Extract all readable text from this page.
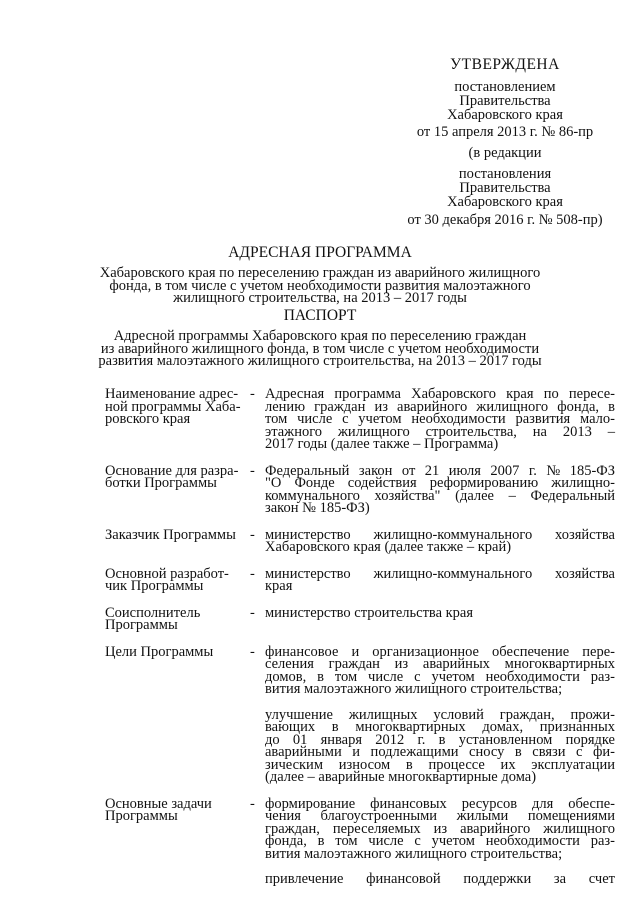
УТВЕРЖДЕНА
постановлением
Правительства
Хабаровского края
от 15 апреля 2013 г. № 86-пр
(в редакции
постановления
Правительства
Хабаровского края
от 30 декабря 2016 г. № 508-пр)
АДРЕСНАЯ ПРОГРАММА
Хабаровского края по переселению граждан из аварийного жилищного
фонда, в том числе с учетом необходимости развития малоэтажного
жилищного строительства, на 2013 – 2017 годы
ПАСПОРТ
Адресной программы Хабаровского края по переселению граждан
из аварийного жилищного фонда, в том числе с учетом необходимости
развития малоэтажного жилищного строительства, на 2013 – 2017 годы
Наименование адрес-
ной программы Хаба-
ровского края
- Адресная программа Хабаровского края по пересе-
лению граждан из аварийного жилищного фонда, в
том числе с учетом необходимости развития мало-
этажного жилищного строительства, на 2013 –
2017 годы (далее также – Программа)
Основание для разра-
ботки Программы
- Федеральный закон от 21 июля 2007 г. № 185-ФЗ
"О Фонде содействия реформированию жилищно-
коммунального хозяйства" (далее – Федеральный
закон № 185-ФЗ)
Заказчик Программы - министерство жилищно-коммунального хозяйства
Хабаровского края (далее также – край)
Основной разработ-
чик Программы
- министерство жилищно-коммунального хозяйства
края
Соисполнитель
Программы
- министерство строительства края
Цели Программы	- финансовое и организационное обеспечение пере-
селения граждан из аварийных многоквартирных
домов, в том числе с учетом необходимости раз-
вития малоэтажного жилищного строительства;
улучшение жилищных условий граждан, прожи-
вающих в многоквартирных домах, признанных
до 01 января 2012 г. в установленном порядке
аварийными и подлежащими сносу в связи с фи-
зическим износом в процессе их эксплуатации
(далее – аварийные многоквартирные дома)
Основные задачи
Программы
- формирование финансовых ресурсов для обеспе-
чения благоустроенными жилыми помещениями
граждан, переселяемых из аварийного жилищного
фонда, в том числе с учетом необходимости раз-
вития малоэтажного жилищного строительства;
привлечение финансовой поддержки за счет
